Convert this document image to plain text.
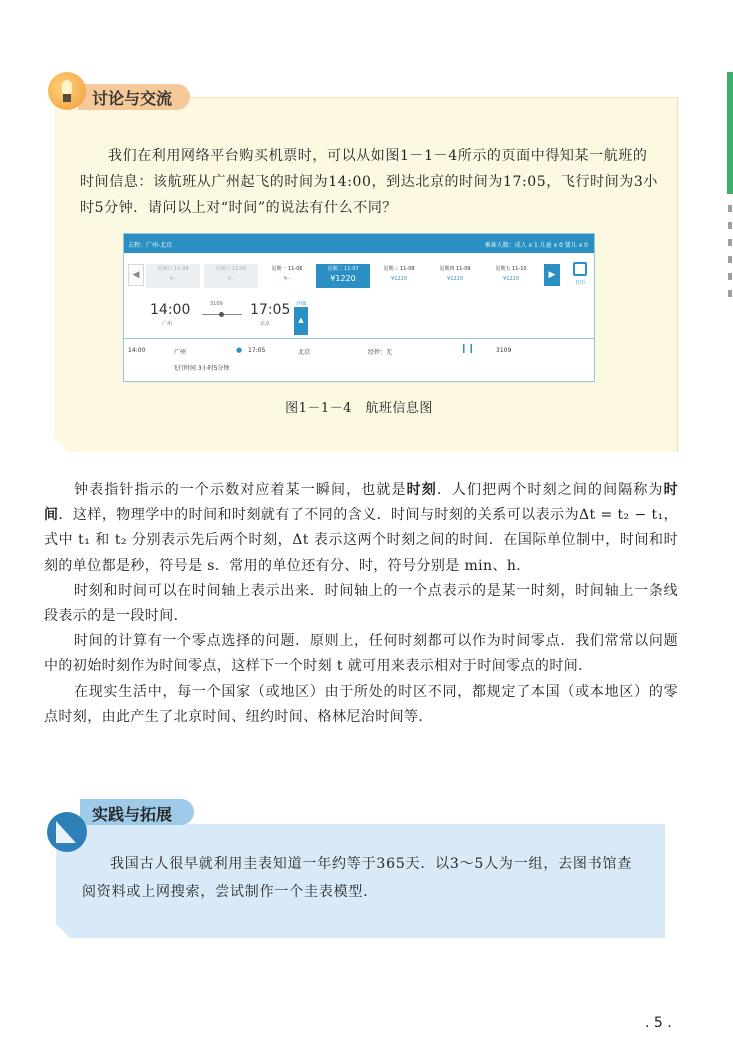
讨论与交流

我们在利用网络平台购买机票时，可以从如图1－1－4所示的页面中得知某一航班的时间信息：该航班从广州起飞的时间为14:00，到达北京的时间为17:05，飞行时间为3小时5分钟．请问以上对“时间”的说法有什么不同？

去程：广州-北京	乘客人数：成人 x 1 儿童 x 0 婴儿 x 0
◀
星期日 11-04
¥--
星期日 11-05
¥--
星期一 11-06
¥--
星期二 11-07
¥1220
星期三 11-08
¥1220
星期四 11-09
¥1220
星期五 11-10
¥1220	▶
日历
14:00
广州
3109 17:05
北京
详细
▲
14:00	广州	● 17:05	北京	经停：无	❙❙	3109
飞行时间 3小时5分钟
图1－1－4　航班信息图

钟表指针指示的一个示数对应着某一瞬间，也就是时刻．人们把两个时刻之间的间隔称为时间．这样，物理学中的时间和时刻就有了不同的含义．时间与时刻的关系可以表示为Δt = t₂ − t₁，式中 t₁ 和 t₂ 分别表示先后两个时刻，Δt 表示这两个时刻之间的时间．在国际单位制中，时间和时刻的单位都是秒，符号是 s．常用的单位还有分、时，符号分别是 min、h．

时刻和时间可以在时间轴上表示出来．时间轴上的一个点表示的是某一时刻，时间轴上一条线段表示的是一段时间．

时间的计算有一个零点选择的问题．原则上，任何时刻都可以作为时间零点．我们常常以问题中的初始时刻作为时间零点，这样下一个时刻 t 就可用来表示相对于时间零点的时间．

在现实生活中，每一个国家（或地区）由于所处的时区不同，都规定了本国（或本地区）的零点时刻，由此产生了北京时间、纽约时间、格林尼治时间等．

实践与拓展

我国古人很早就利用圭表知道一年约等于365天．以3～5人为一组，去图书馆查阅资料或上网搜索，尝试制作一个圭表模型．

. 5 .
